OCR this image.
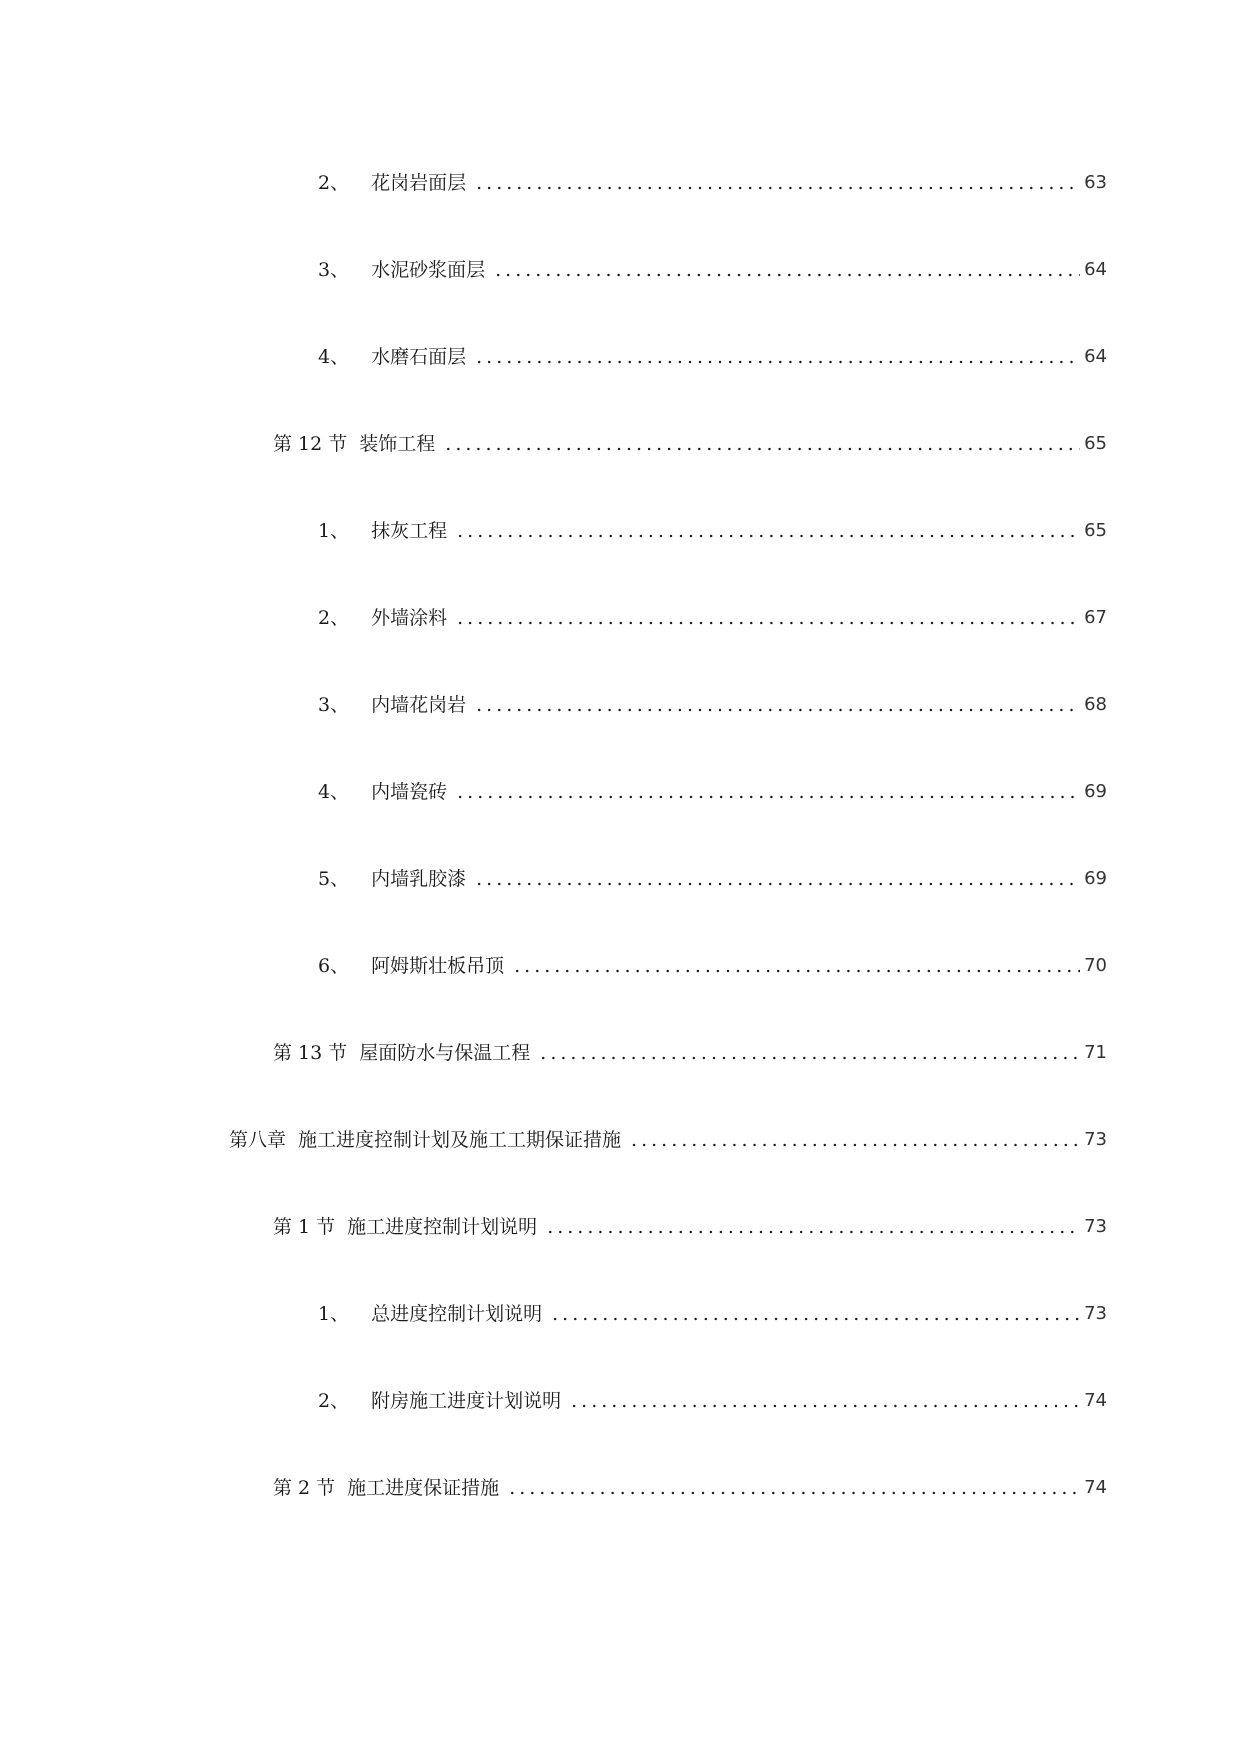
2、 花岗岩面层 .....	63
3、 水泥砂浆面层 .....	64
4、 水磨石面层 .....	64
第 12 节 装饰工程 .....	65
1、 抹灰工程 .....	65
2、 外墙涂料 .....	67
3、 内墙花岗岩 .....	68
4、 内墙瓷砖 .....	69
5、 内墙乳胶漆 .....	69
6、 阿姆斯壮板吊顶 .....	70
第 13 节 屋面防水与保温工程 .....	71
第八章 施工进度控制计划及施工工期保证措施 .....	73
第 1 节 施工进度控制计划说明 .....	73
1、 总进度控制计划说明 .....	73
2、 附房施工进度计划说明 .....	74
第 2 节 施工进度保证措施 .....	74
